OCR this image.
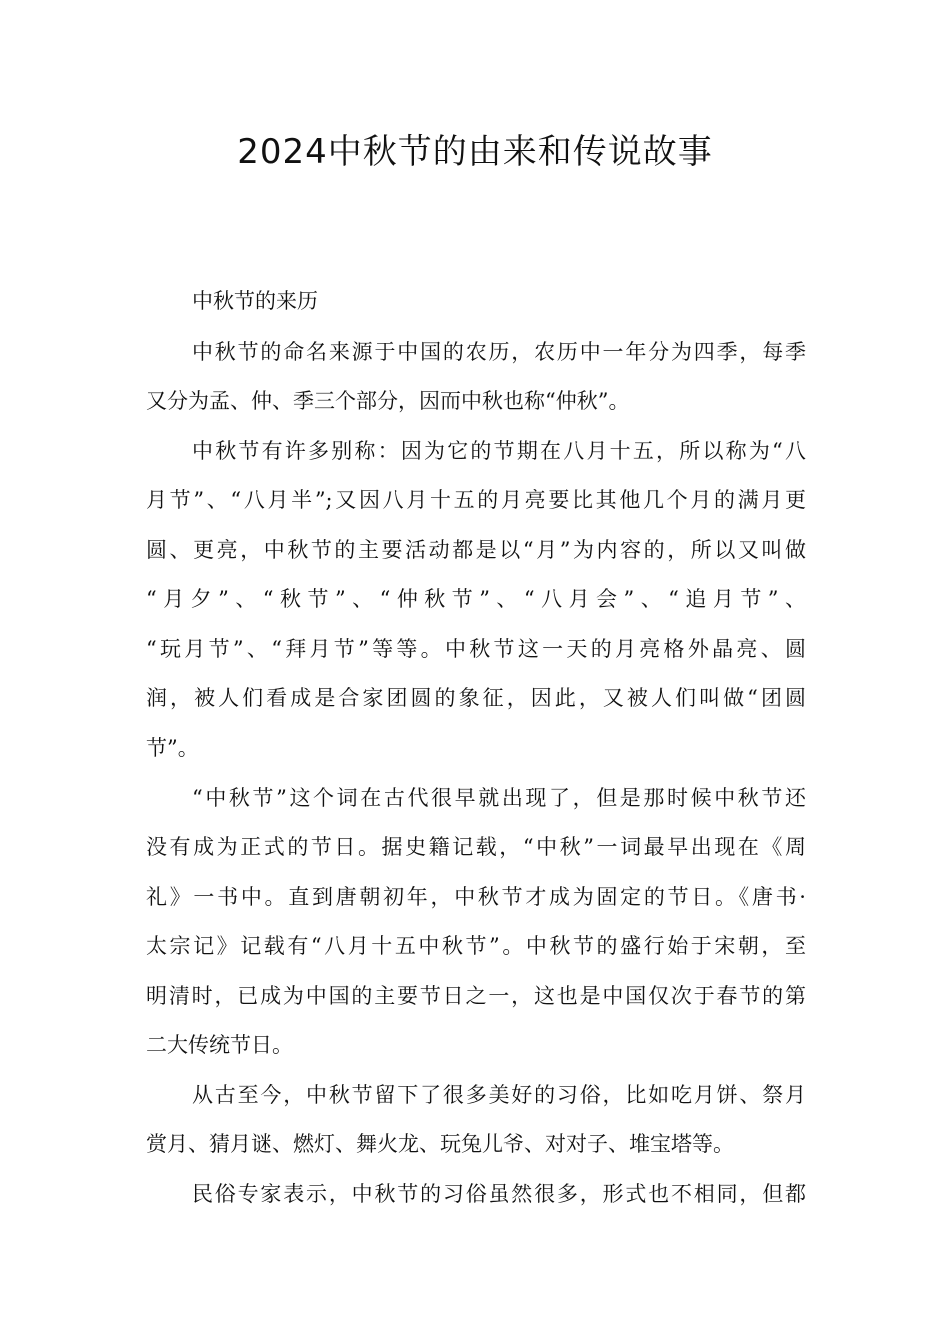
2024中秋节的由来和传说故事
中秋节的来历
中秋节的命名来源于中国的农历，农历中一年分为四季，每季
又分为孟、仲、季三个部分，因而中秋也称“仲秋”。
中秋节有许多别称：因为它的节期在八月十五，所以称为“八
月节”、“八月半”;又因八月十五的月亮要比其他几个月的满月更
圆、更亮，中秋节的主要活动都是以“月”为内容的，所以又叫做
“月夕”、“秋节”、“仲秋节”、“八月会”、“追月节”、
“玩月节”、“拜月节”等等。中秋节这一天的月亮格外晶亮、圆
润，被人们看成是合家团圆的象征，因此，又被人们叫做“团圆
节”。
“中秋节”这个词在古代很早就出现了，但是那时候中秋节还
没有成为正式的节日。据史籍记载，“中秋”一词最早出现在《周
礼》一书中。直到唐朝初年，中秋节才成为固定的节日。《唐书·
太宗记》记载有“八月十五中秋节”。中秋节的盛行始于宋朝，至
明清时，已成为中国的主要节日之一，这也是中国仅次于春节的第
二大传统节日。
从古至今，中秋节留下了很多美好的习俗，比如吃月饼、祭月
赏月、猜月谜、燃灯、舞火龙、玩兔儿爷、对对子、堆宝塔等。
民俗专家表示，中秋节的习俗虽然很多，形式也不相同，但都
